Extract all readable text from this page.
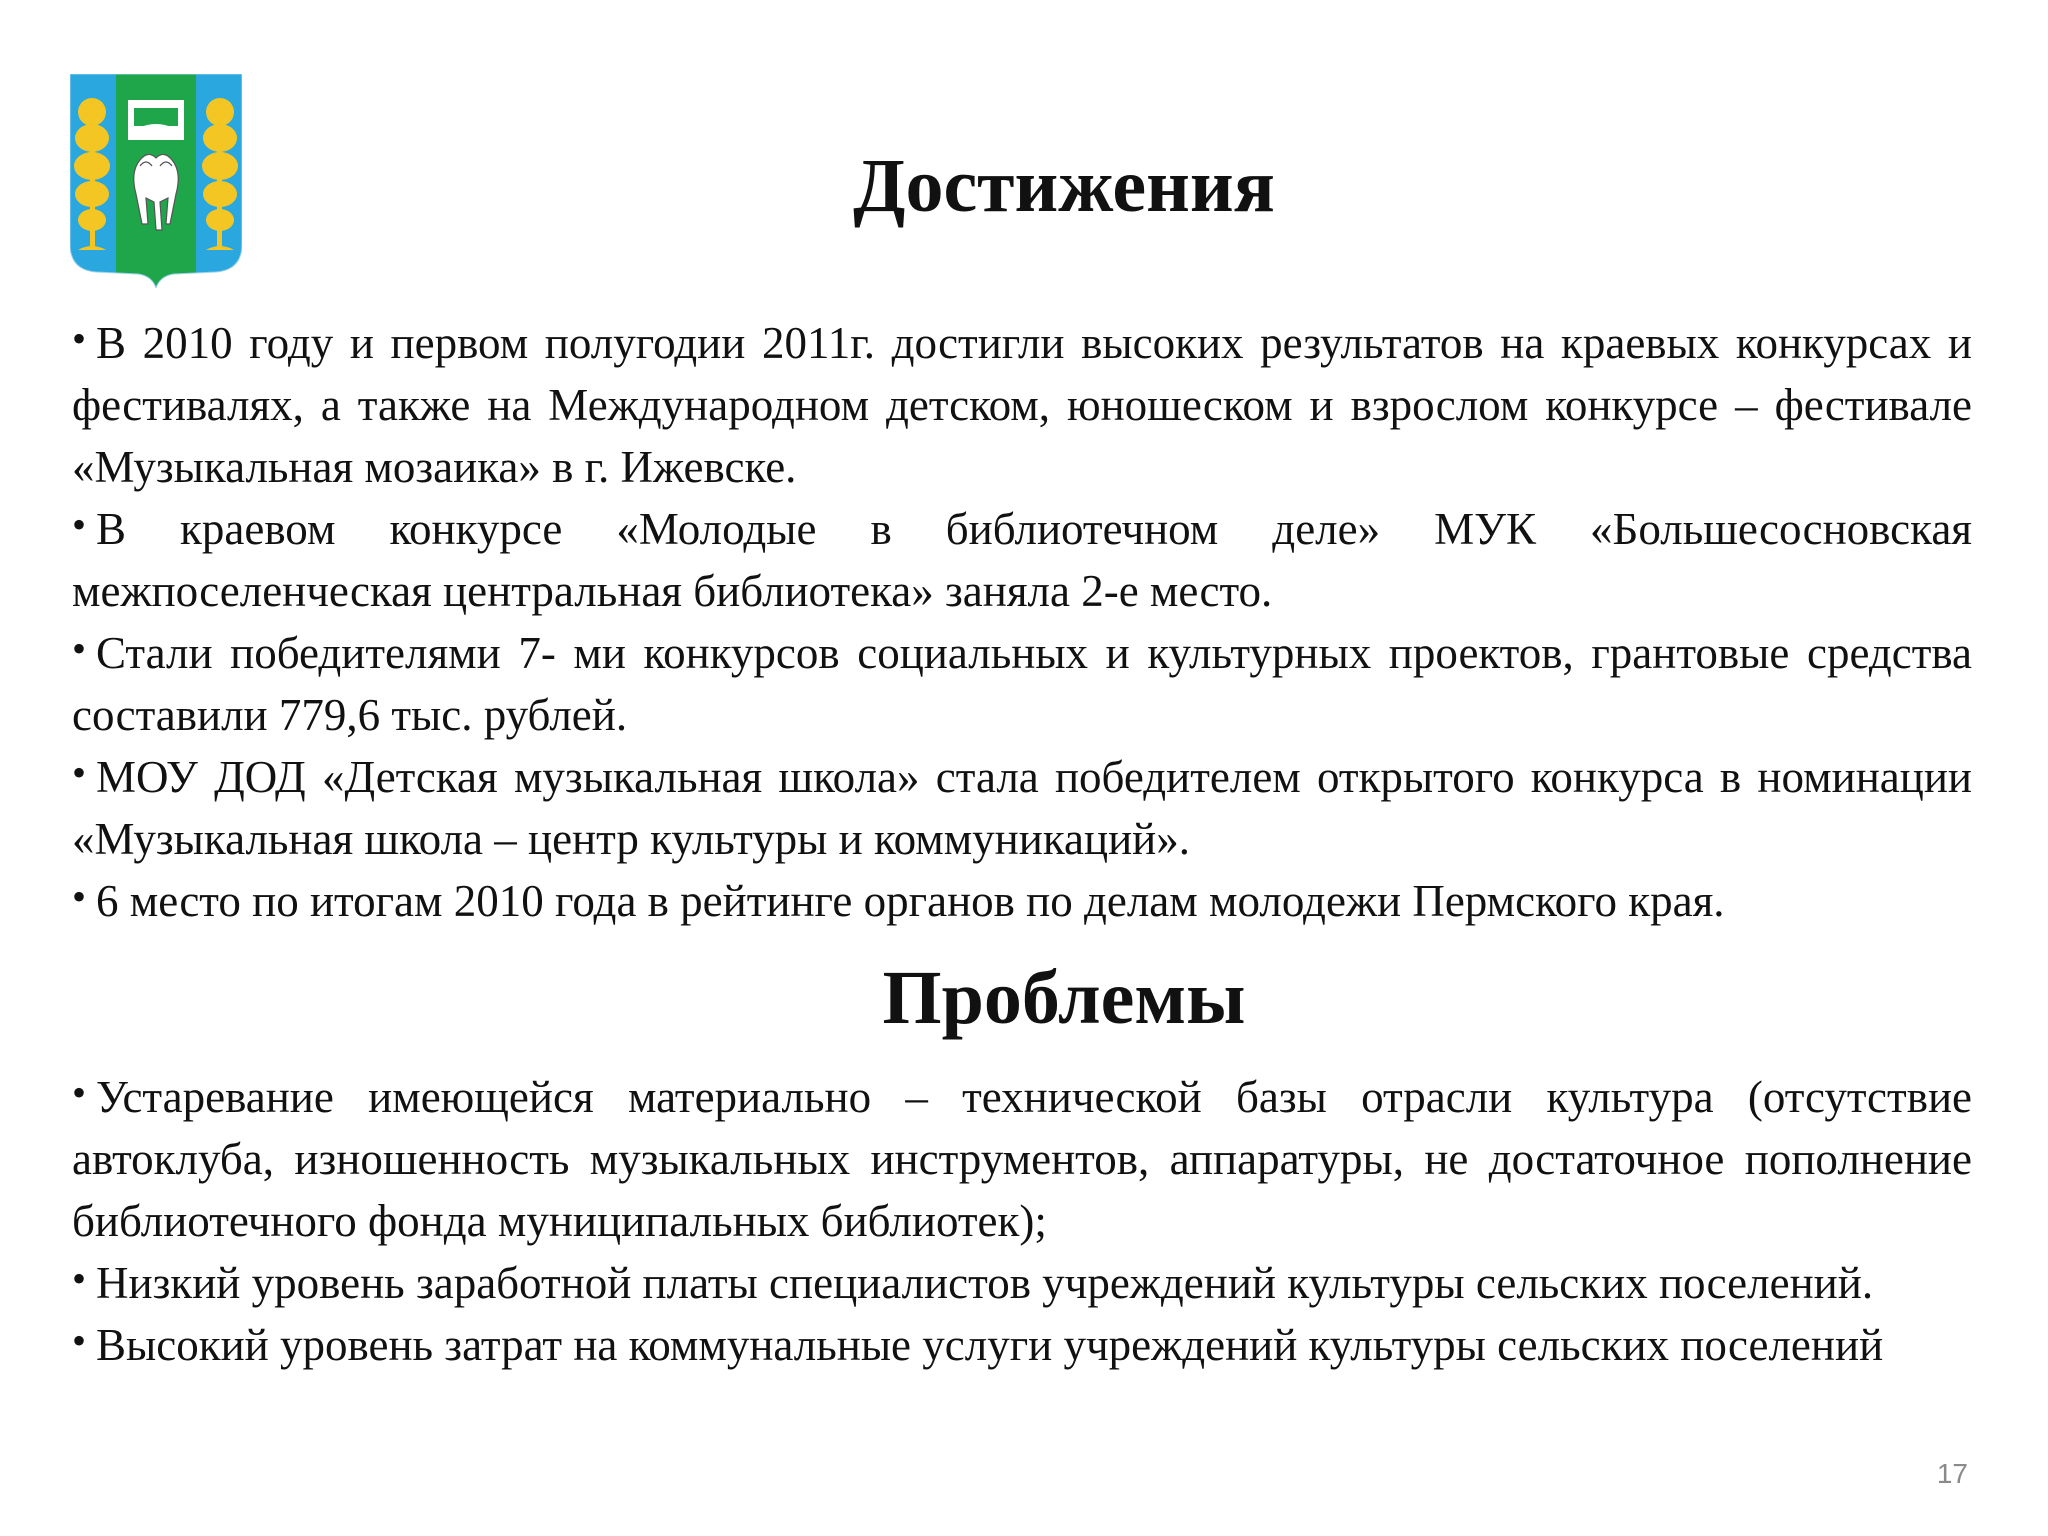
Достижения
• В 2010 году и первом полугодии 2011г. достигли высоких результатов на краевых конкурсах и фестивалях, а также на Международном детском, юношеском и взрослом конкурсе – фестивале «Музыкальная мозаика» в г. Ижевске.
• В краевом конкурсе «Молодые в библиотечном деле» МУК «Большесосновская межпоселенческая центральная библиотека» заняла 2-е место.
• Стали победителями 7- ми конкурсов социальных и культурных проектов, грантовые средства составили 779,6 тыс. рублей.
• МОУ ДОД «Детская музыкальная школа» стала победителем открытого конкурса в номинации «Музыкальная школа – центр культуры и коммуникаций».
• 6 место по итогам 2010 года в рейтинге органов по делам молодежи Пермского края.
Проблемы
• Устаревание имеющейся материально – технической базы отрасли культура (отсутствие автоклуба, изношенность музыкальных инструментов, аппаратуры, не достаточное пополнение библиотечного фонда муниципальных библиотек);
• Низкий уровень заработной платы специалистов учреждений культуры сельских поселений.
• Высокий уровень затрат на коммунальные услуги учреждений культуры сельских поселений
17
